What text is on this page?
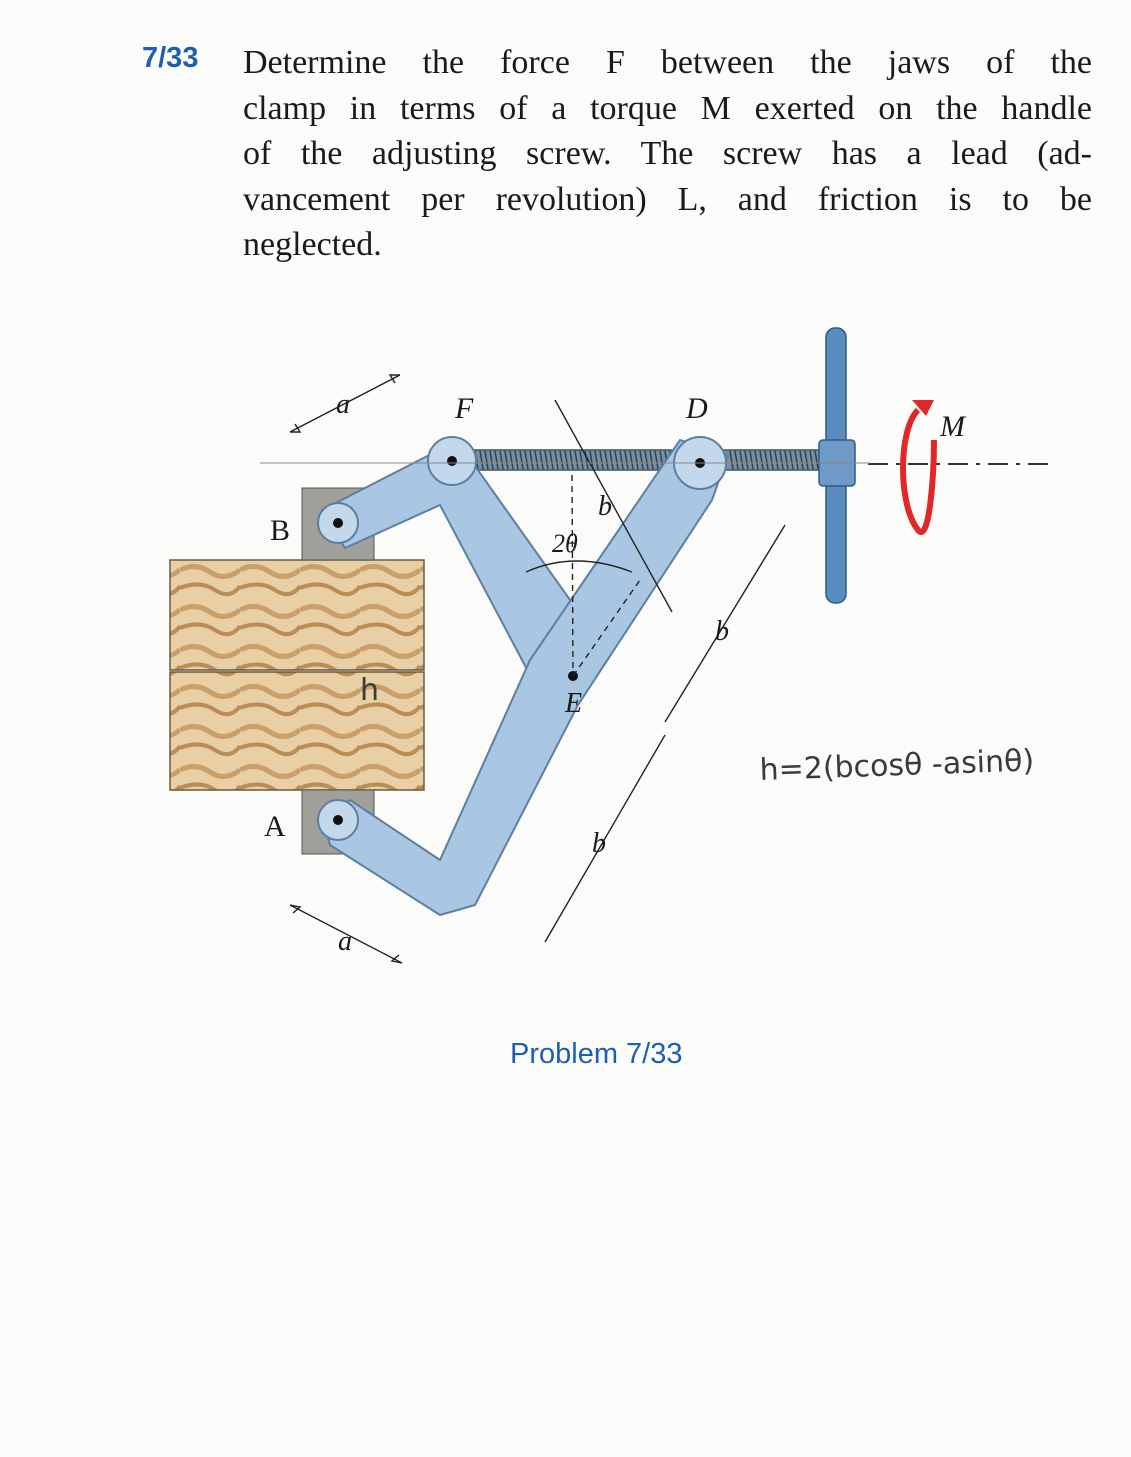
7/33 Determine the force F between the jaws of the
clamp in terms of a torque M exerted on the handle
of the adjusting screw. The screw has a lead (ad-
vancement per revolution) L, and friction is to be
neglected.
a	F	D
M
B
A
E
b
2θ
b
b
a
h
h=2(bcosθ -asinθ)
Problem 7/33
